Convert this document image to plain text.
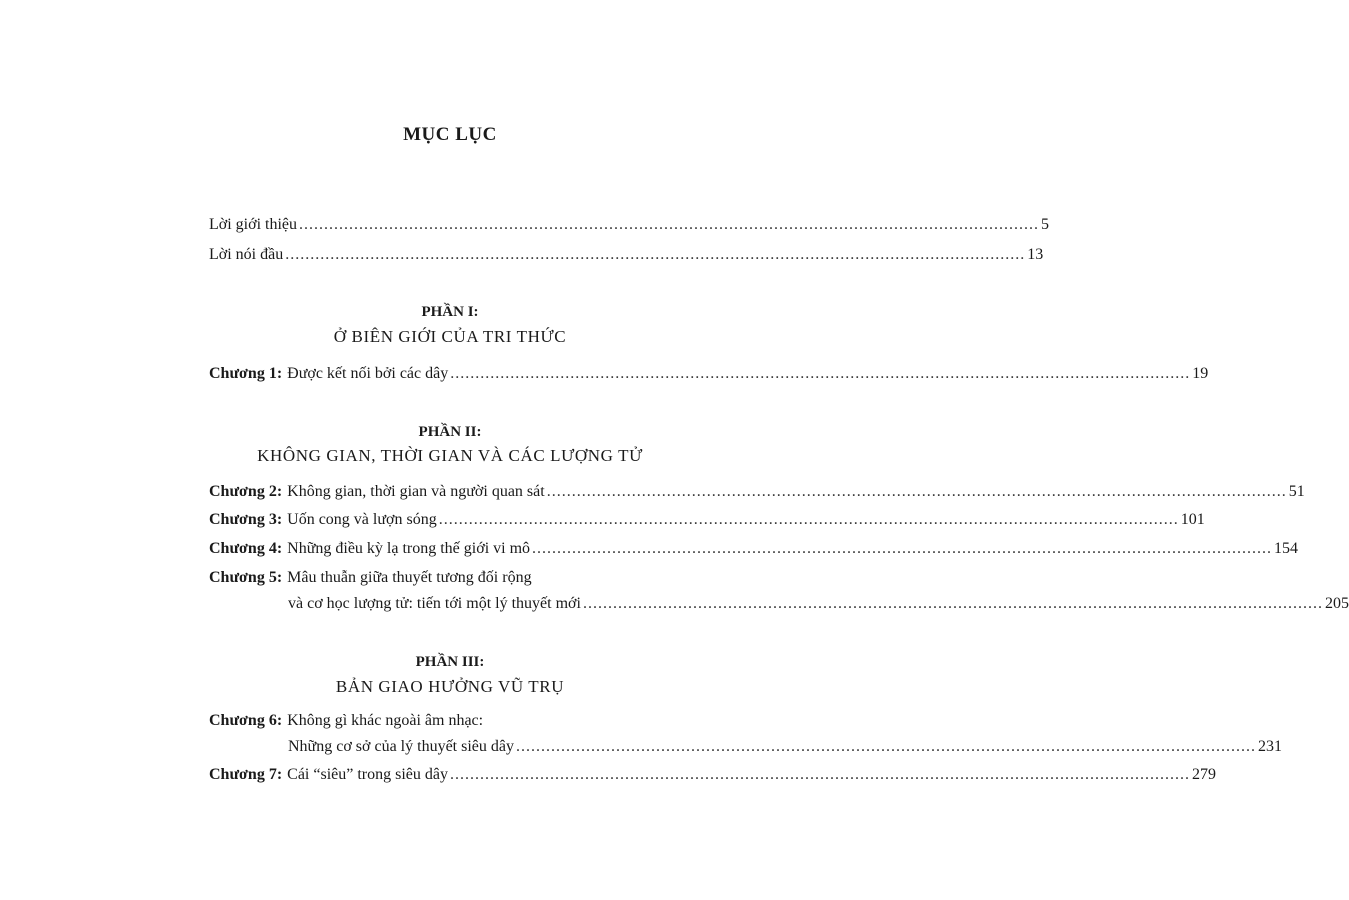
MỤC LỤC
Lời giới thiệu .................................................................................................................................................... 5
Lời nói đầu .................................................................................................................................................... 13
PHẦN I:
Ở BIÊN GIỚI CỦA TRI THỨC
Chương 1: Được kết nối bởi các dây .................................................................................................................................................... 19
PHẦN II:
KHÔNG GIAN, THỜI GIAN VÀ CÁC LƯỢNG TỬ
Chương 2: Không gian, thời gian và người quan sát .................................................................................................................................................... 51
Chương 3: Uốn cong và lượn sóng .................................................................................................................................................... 101
Chương 4: Những điều kỳ lạ trong thế giới vi mô .................................................................................................................................................... 154
Chương 5: Mâu thuẫn giữa thuyết tương đối rộng
và cơ học lượng tử: tiến tới một lý thuyết mới .................................................................................................................................................... 205
PHẦN III:
BẢN GIAO HƯỞNG VŨ TRỤ
Chương 6: Không gì khác ngoài âm nhạc:
Những cơ sở của lý thuyết siêu dây .................................................................................................................................................... 231
Chương 7: Cái “siêu” trong siêu dây .................................................................................................................................................... 279
